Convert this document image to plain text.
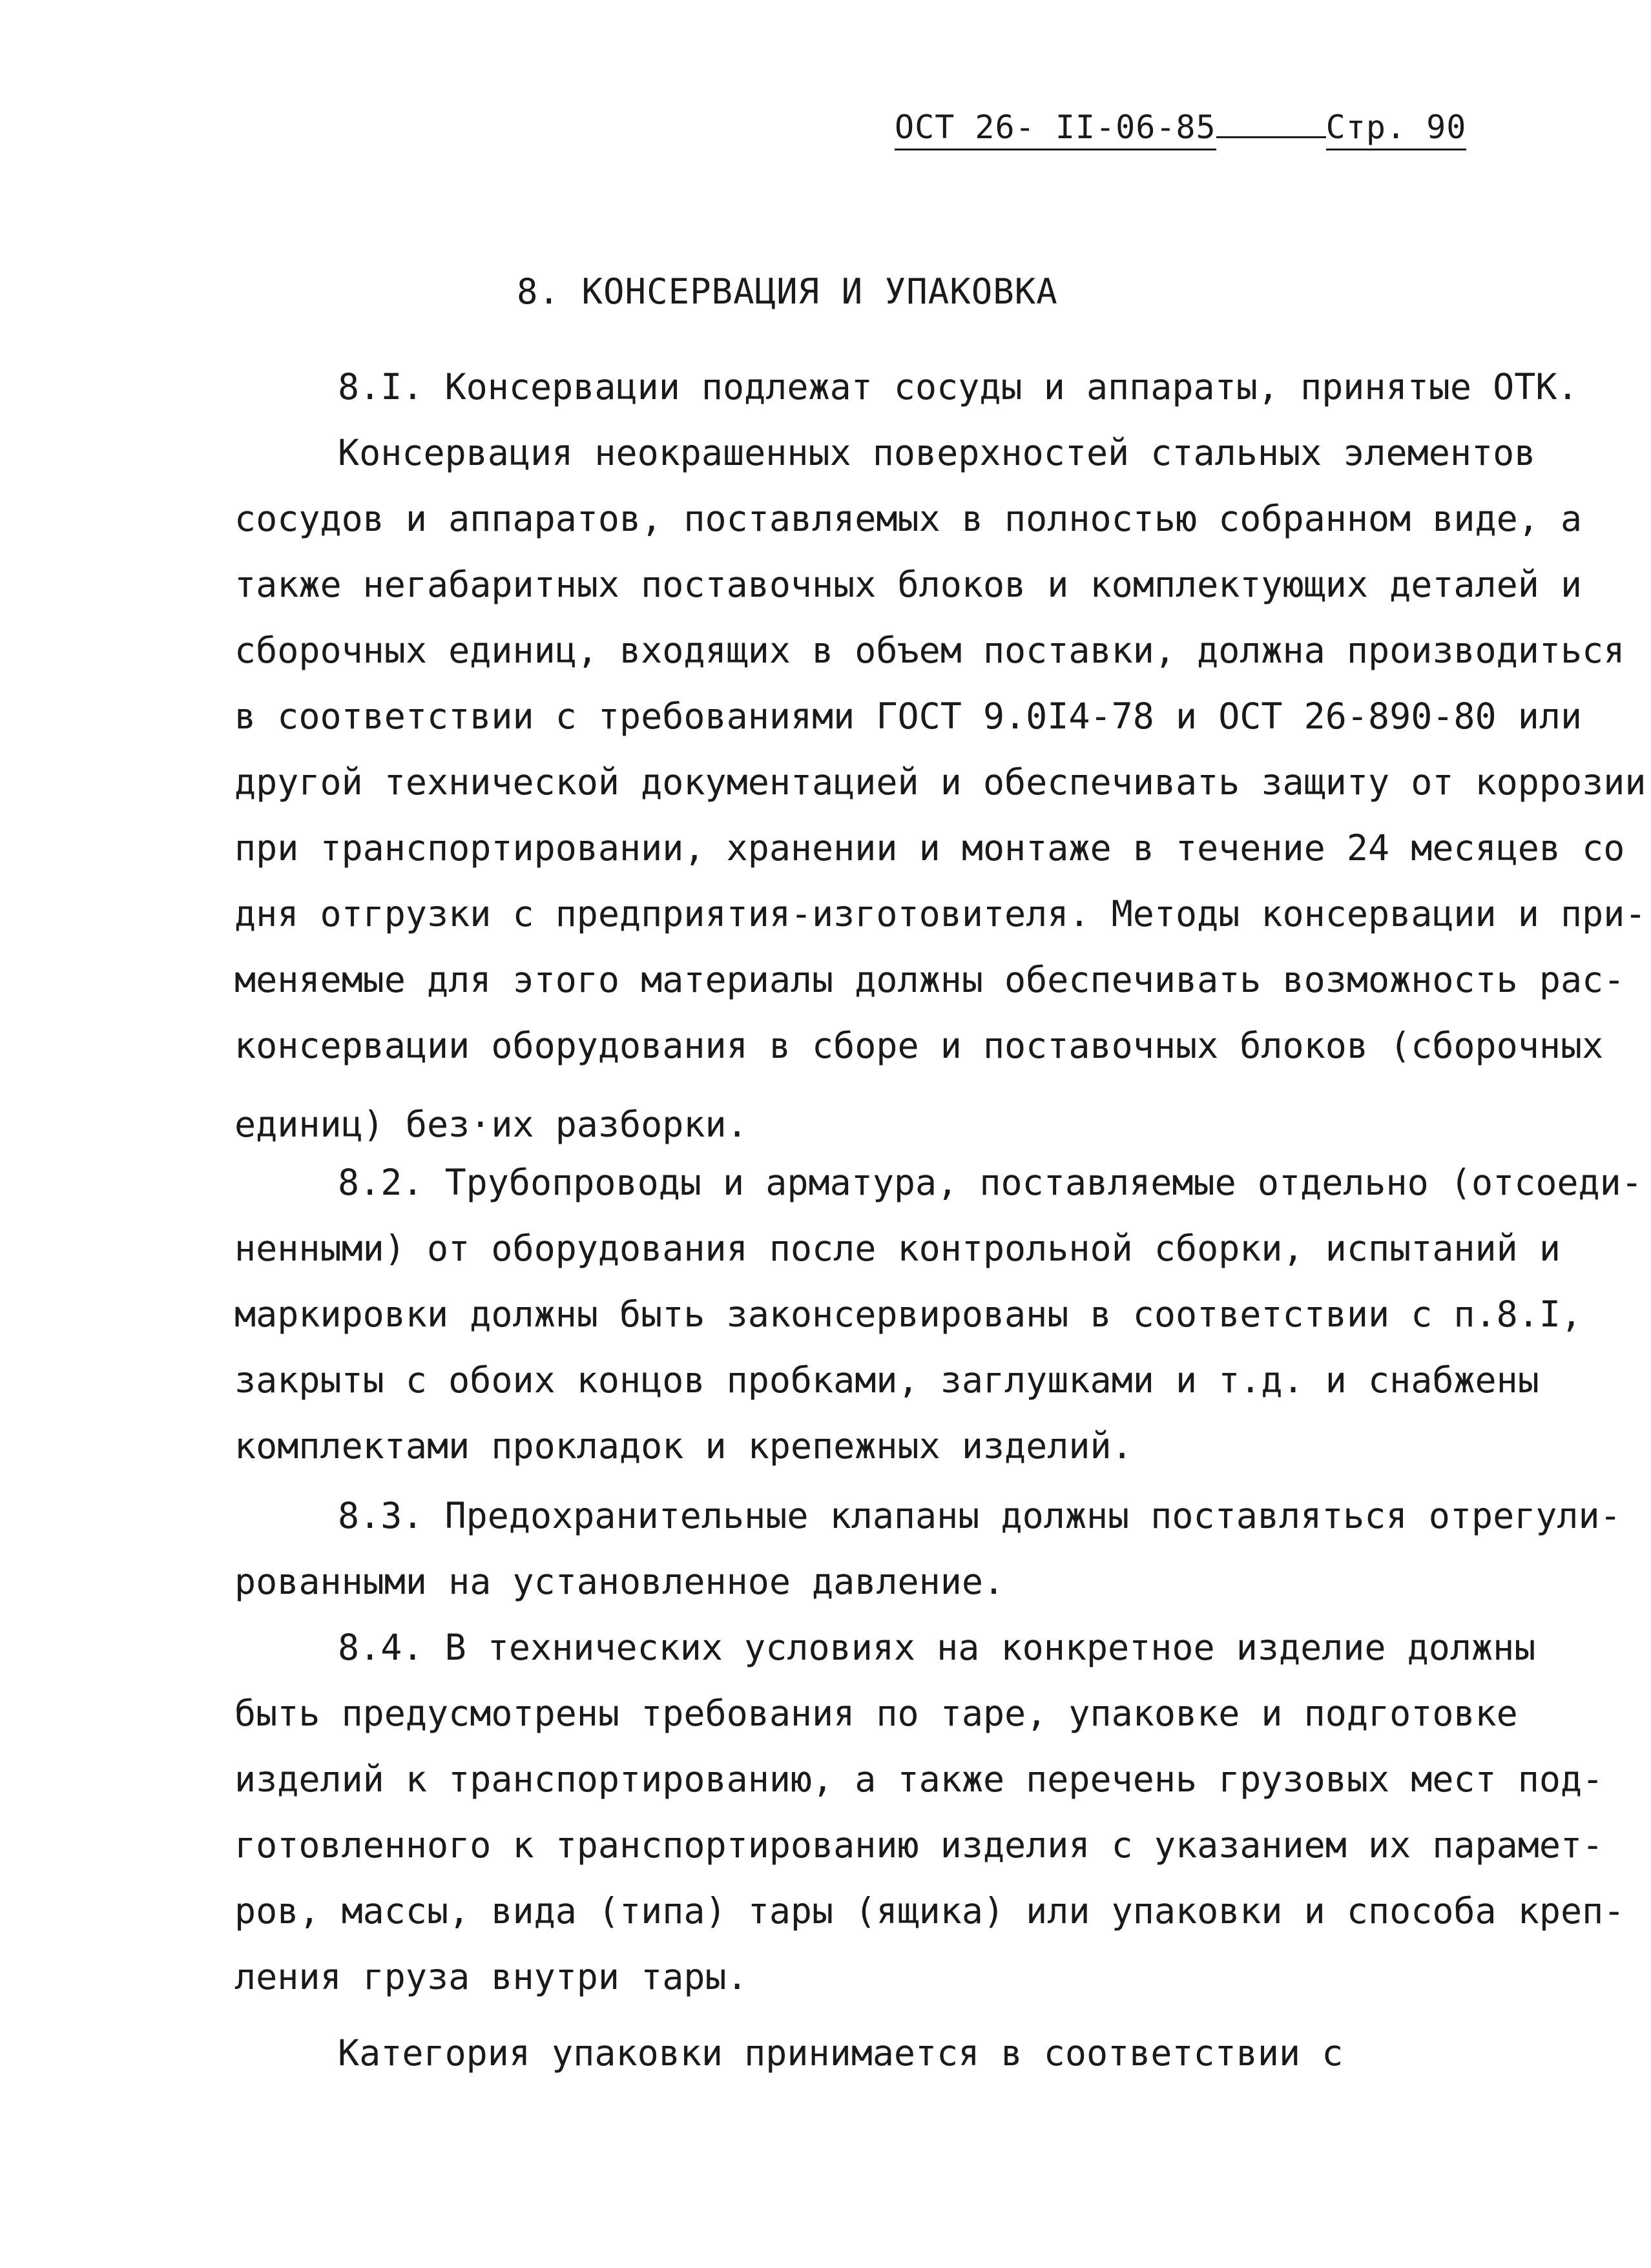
ОСТ 26- II-06-85	Стр. 90
8. КОНСЕРВАЦИЯ И УПАКОВКА
8.I. Консервации подлежат сосуды и аппараты, принятые ОТК.
Консервация неокрашенных поверхностей стальных элементов
сосудов и аппаратов, поставляемых в полностью собранном виде, а
также негабаритных поставочных блоков и комплектующих деталей и
сборочных единиц, входящих в объем поставки, должна производиться
в соответствии с требованиями ГОСТ 9.0I4-78 и ОСТ 26-890-80 или
другой технической документацией и обеспечивать защиту от коррозии
при транспортировании, хранении и монтаже в течение 24 месяцев со
дня отгрузки с предприятия-изготовителя. Методы консервации и при-
меняемые для этого материалы должны обеспечивать возможность рас-
консервации оборудования в сборе и поставочных блоков (сборочных
единиц) без·их разборки.
8.2. Трубопроводы и арматура, поставляемые отдельно (отсоеди-
ненными) от оборудования после контрольной сборки, испытаний и
маркировки должны быть законсервированы в соответствии с п.8.I,
закрыты с обоих концов пробками, заглушками и т.д. и снабжены
комплектами прокладок и крепежных изделий.
8.3. Предохранительные клапаны должны поставляться отрегули-
рованными на установленное давление.
8.4. В технических условиях на конкретное изделие должны
быть предусмотрены требования по таре, упаковке и подготовке
изделий к транспортированию, а также перечень грузовых мест под-
готовленного к транспортированию изделия с указанием их парамет-
ров, массы, вида (типа) тары (ящика) или упаковки и способа креп-
ления груза внутри тары.
Категория упаковки принимается в соответствии с
